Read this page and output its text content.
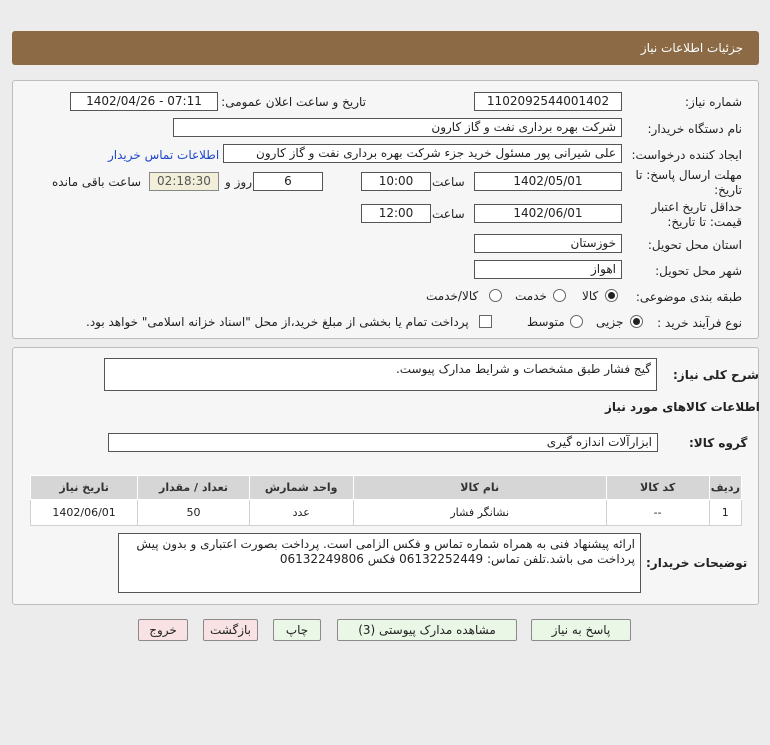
جزئیات اطلاعات نیاز
شماره نیاز:
1102092544001402
تاریخ و ساعت اعلان عمومی:
1402/04/26 - 07:11
نام دستگاه خریدار:
شرکت بهره برداری نفت و گاز کارون
ایجاد کننده درخواست:
علی شیرانی پور مسئول خرید جزء شرکت بهره برداری نفت و گاز کارون
اطلاعات تماس خریدار
مهلت ارسال پاسخ: تا
تاریخ:
1402/05/01
ساعت
10:00
6
روز و
02:18:30
ساعت باقی مانده
حداقل تاریخ اعتبار
قیمت: تا تاریخ:
1402/06/01
ساعت
12:00
استان محل تحویل:
خوزستان
شهر محل تحویل:
اهواز
طبقه بندی موضوعی:
کالا
خدمت
کالا/خدمت
نوع فرآیند خرید :
جزیی
متوسط
پرداخت تمام یا بخشی از مبلغ خرید،از محل "اسناد خزانه اسلامی" خواهد بود.
شرح کلی نیاز:
گیج فشار طبق مشخصات و شرایط مدارک پیوست.
اطلاعات کالاهای مورد نیاز
گروه کالا:
ابزارآلات اندازه گیری
ردیف	کد کالا	نام کالا	واحد شمارش	تعداد / مقدار	تاریخ نیاز
1	--	نشانگر فشار	عدد	50	1402/06/01
توضیحات خریدار:
ارائه پیشنهاد فنی به همراه شماره تماس و فکس الزامی است. پرداخت بصورت اعتباری و بدون پیش پرداخت می باشد.تلفن تماس: 06132252449 فکس 06132249806
پاسخ به نیاز
مشاهده مدارک پیوستی (3)
چاپ
بازگشت
خروج
